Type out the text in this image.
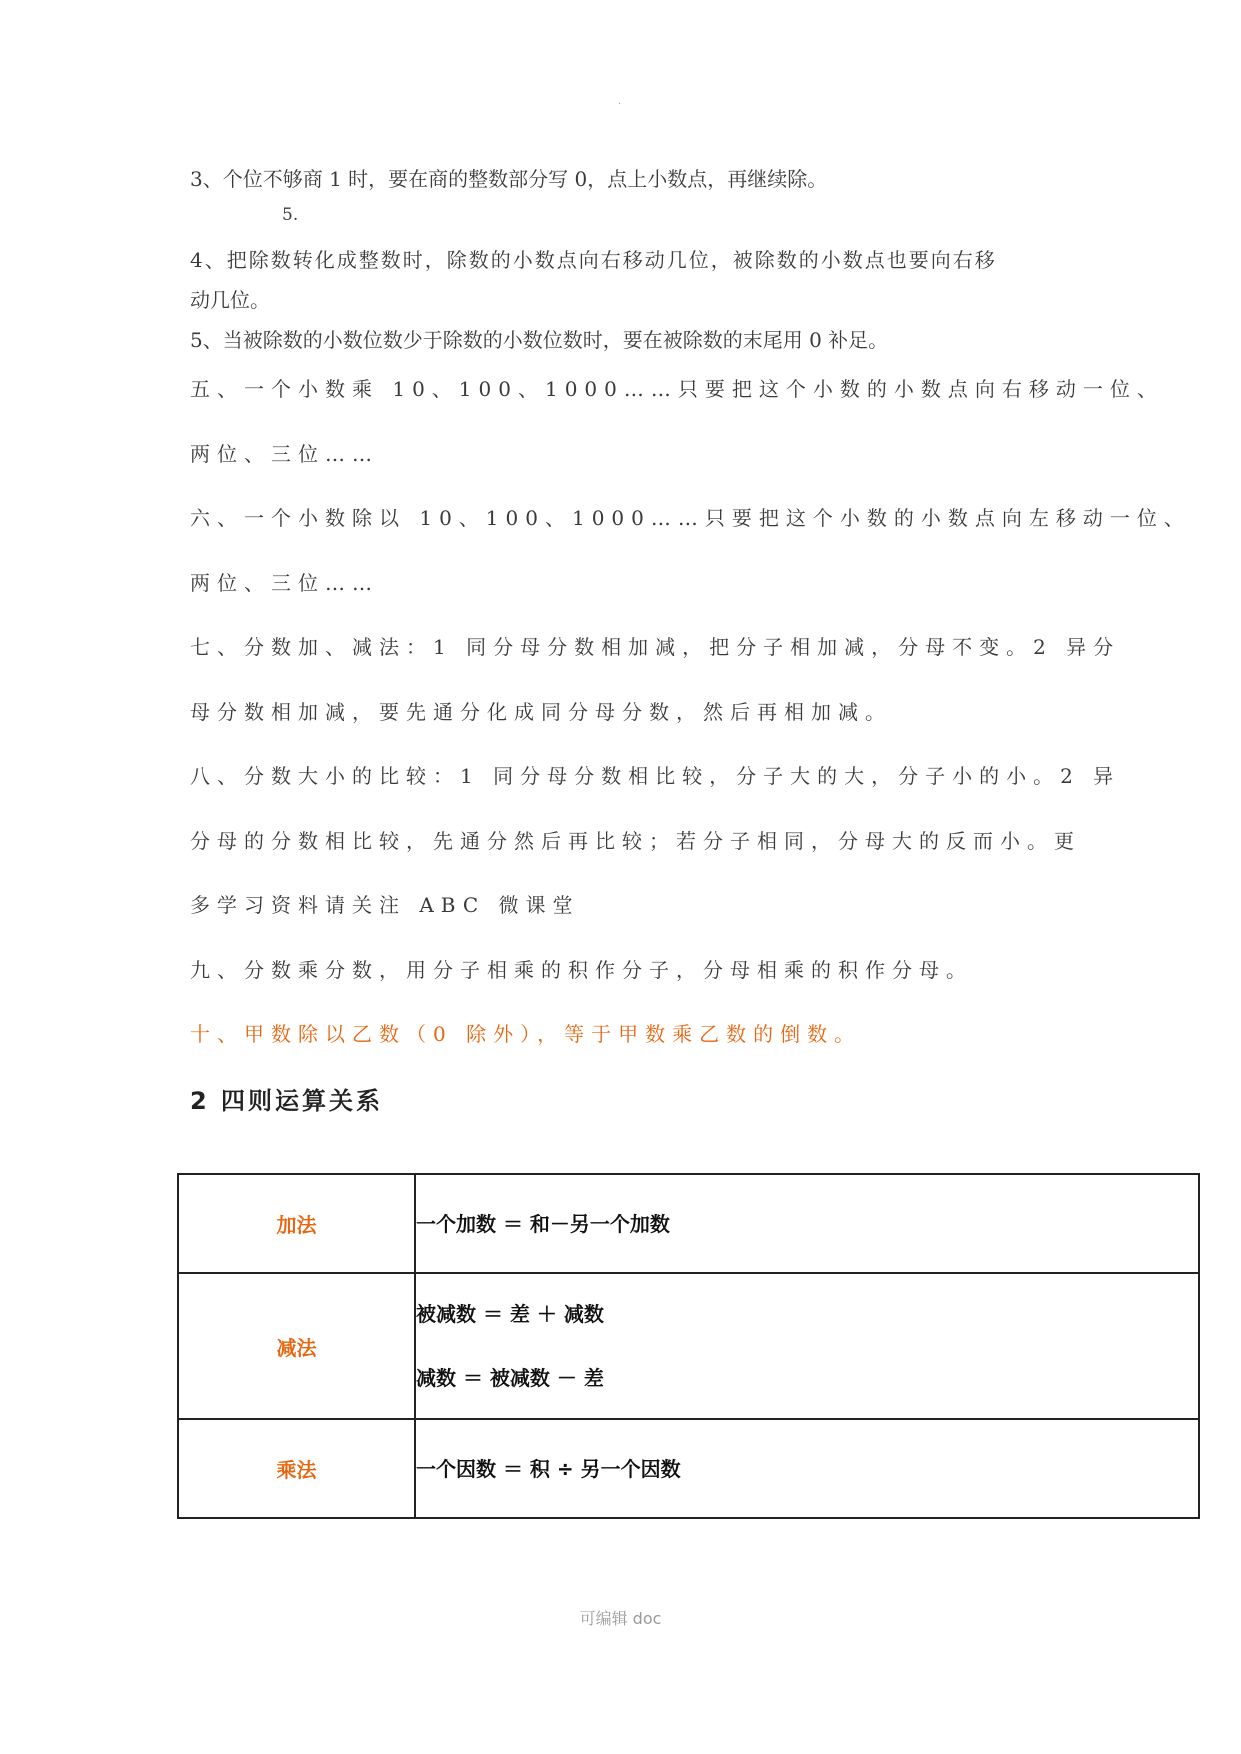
.
3、个位不够商 1 时，要在商的整数部分写 0，点上小数点，再继续除。
5.
4、把除数转化成整数时，除数的小数点向右移动几位，被除数的小数点也要向右移
动几位。
5、当被除数的小数位数少于除数的小数位数时，要在被除数的末尾用 0 补足。
五、一个小数乘 10、100、1000……只要把这个小数的小数点向右移动一位、
两位、三位……
六、一个小数除以 10、100、1000……只要把这个小数的小数点向左移动一位、
两位、三位……
七、分数加、减法：1 同分母分数相加减，把分子相加减，分母不变。2 异分
母分数相加减，要先通分化成同分母分数，然后再相加减。
八、分数大小的比较：1 同分母分数相比较，分子大的大，分子小的小。2 异
分母的分数相比较，先通分然后再比较；若分子相同，分母大的反而小。更
多学习资料请关注 ABC 微课堂
九、分数乘分数，用分子相乘的积作分子，分母相乘的积作分母。
十、甲数除以乙数（0 除外），等于甲数乘乙数的倒数。
2 四则运算关系
加法	一个加数 ＝ 和－另一个加数

减法	被减数 ＝ 差 ＋ 减数
减数 ＝ 被减数 － 差

乘法	一个因数 ＝ 积 ÷ 另一个因数
可编辑 doc
